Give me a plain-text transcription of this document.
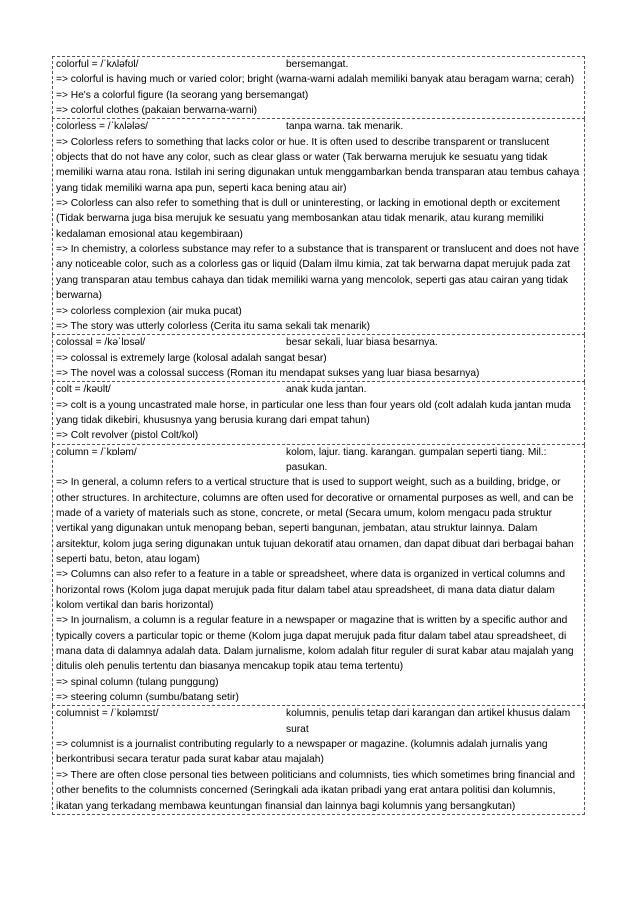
colorful = /ˈkʌləfʊl/	bersemangat.
=> colorful is having much or varied color; bright (warna-warni adalah memiliki banyak atau beragam warna; cerah)
=> He's a colorful figure (Ia seorang yang bersemangat)
=> colorful clothes (pakaian berwarna-warni)
colorless = /ˈkʌlələs/	tanpa warna. tak menarik.
=> Colorless refers to something that lacks color or hue. It is often used to describe transparent or translucent objects that do not have any color, such as clear glass or water (Tak berwarna merujuk ke sesuatu yang tidak memiliki warna atau rona. Istilah ini sering digunakan untuk menggambarkan benda transparan atau tembus cahaya yang tidak memiliki warna apa pun, seperti kaca bening atau air)
=> Colorless can also refer to something that is dull or uninteresting, or lacking in emotional depth or excitement (Tidak berwarna juga bisa merujuk ke sesuatu yang membosankan atau tidak menarik, atau kurang memiliki kedalaman emosional atau kegembiraan)
=> In chemistry, a colorless substance may refer to a substance that is transparent or translucent and does not have any noticeable color, such as a colorless gas or liquid (Dalam ilmu kimia, zat tak berwarna dapat merujuk pada zat yang transparan atau tembus cahaya dan tidak memiliki warna yang mencolok, seperti gas atau cairan yang tidak berwarna)
=> colorless complexion (air muka pucat)
=> The story was utterly colorless (Cerita itu sama sekali tak menarik)
colossal = /kəˈlɒsəl/	besar sekali, luar biasa besarnya.
=> colossal is extremely large (kolosal adalah sangat besar)
=> The novel was a colossal success (Roman itu mendapat sukses yang luar biasa besarnya)
colt = /kəʊlt/	anak kuda jantan.
=> colt is a young uncastrated male horse, in particular one less than four years old (colt adalah kuda jantan muda yang tidak dikebiri, khususnya yang berusia kurang dari empat tahun)
=> Colt revolver (pistol Colt/kol)
column = /ˈkɒləm/	kolom, lajur. tiang. karangan. gumpalan seperti tiang. Mil.: pasukan.
=> In general, a column refers to a vertical structure that is used to support weight, such as a building, bridge, or other structures. In architecture, columns are often used for decorative or ornamental purposes as well, and can be made of a variety of materials such as stone, concrete, or metal (Secara umum, kolom mengacu pada struktur vertikal yang digunakan untuk menopang beban, seperti bangunan, jembatan, atau struktur lainnya. Dalam arsitektur, kolom juga sering digunakan untuk tujuan dekoratif atau ornamen, dan dapat dibuat dari berbagai bahan seperti batu, beton, atau logam)
=> Columns can also refer to a feature in a table or spreadsheet, where data is organized in vertical columns and horizontal rows (Kolom juga dapat merujuk pada fitur dalam tabel atau spreadsheet, di mana data diatur dalam kolom vertikal dan baris horizontal)
=> In journalism, a column is a regular feature in a newspaper or magazine that is written by a specific author and typically covers a particular topic or theme (Kolom juga dapat merujuk pada fitur dalam tabel atau spreadsheet, di mana data di dalamnya adalah data. Dalam jurnalisme, kolom adalah fitur reguler di surat kabar atau majalah yang ditulis oleh penulis tertentu dan biasanya mencakup topik atau tema tertentu)
=> spinal column (tulang punggung)
=> steering column (sumbu/batang setir)
columnist = /ˈkɒləmɪst/	kolumnis, penulis tetap dari karangan dan artikel khusus dalam surat
=> columnist is a journalist contributing regularly to a newspaper or magazine. (kolumnis adalah jurnalis yang berkontribusi secara teratur pada surat kabar atau majalah)
=> There are often close personal ties between politicians and columnists, ties which sometimes bring financial and other benefits to the columnists concerned (Seringkali ada ikatan pribadi yang erat antara politisi dan kolumnis, ikatan yang terkadang membawa keuntungan finansial dan lainnya bagi kolumnis yang bersangkutan)
